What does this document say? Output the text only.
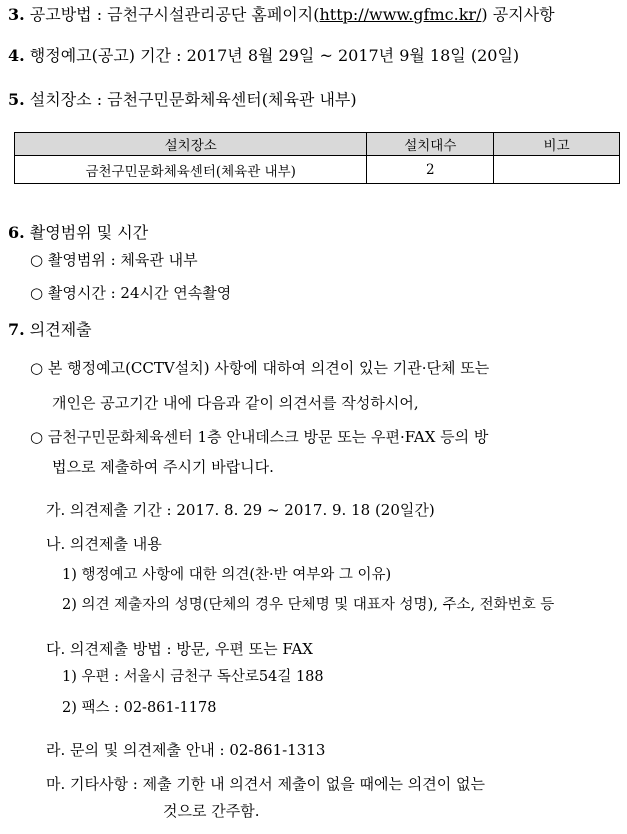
3. 공고방법 : 금천구시설관리공단 홈페이지(http://www.gfmc.kr/) 공지사항
4. 행정예고(공고) 기간 : 2017년 8월 29일 ~ 2017년 9월 18일 (20일)
5. 설치장소 : 금천구민문화체육센터(체육관 내부)
설치장소	설치대수	비고
금천구민문화체육센터(체육관 내부)	2	
6. 촬영범위 및 시간
○ 촬영범위 : 체육관 내부
○ 촬영시간 : 24시간 연속촬영
7. 의견제출
○ 본 행정예고(CCTV설치) 사항에 대하여 의견이 있는 기관·단체 또는
개인은 공고기간 내에 다음과 같이 의견서를 작성하시어,
○ 금천구민문화체육센터 1층 안내데스크 방문 또는 우편·FAX 등의 방
법으로 제출하여 주시기 바랍니다.
가. 의견제출 기간 : 2017. 8. 29 ~ 2017. 9. 18 (20일간)
나. 의견제출 내용
1) 행정예고 사항에 대한 의견(찬·반 여부와 그 이유)
2) 의견 제출자의 성명(단체의 경우 단체명 및 대표자 성명), 주소, 전화번호 등
다. 의견제출 방법 : 방문, 우편 또는 FAX
1) 우편 : 서울시 금천구 독산로54길 188
2) 팩스 : 02-861-1178
라. 문의 및 의견제출 안내 : 02-861-1313
마. 기타사항 : 제출 기한 내 의견서 제출이 없을 때에는 의견이 없는
것으로 간주함.
